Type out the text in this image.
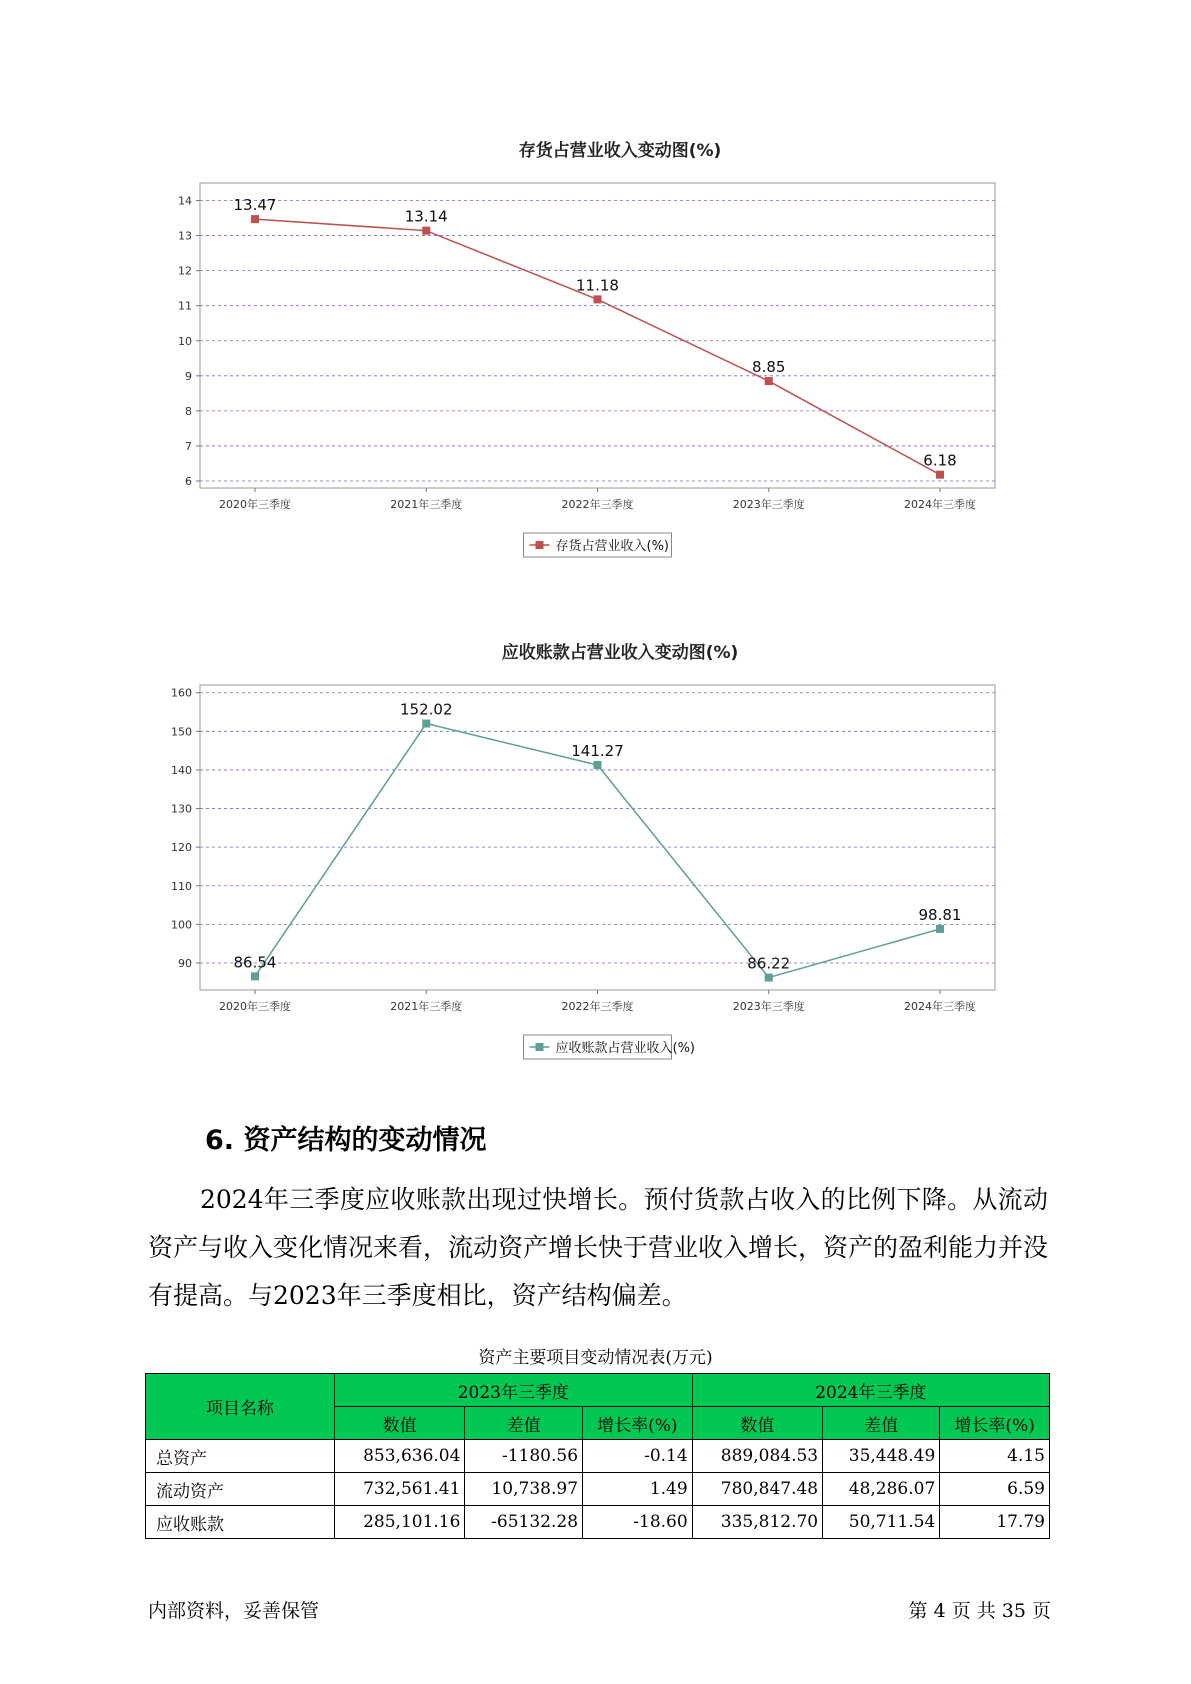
存货占营业收入变动图(%)
6
7
8
9
10
11
12
13
14
2020年三季度	2021年三季度	2022年三季度	2023年三季度	2024年三季度
13.47
13.14
11.18
8.85
6.18
存货占营业收入(%)
应收账款占营业收入变动图(%)
90
100
110
120
130
140
150
160
2020年三季度	2021年三季度	2022年三季度	2023年三季度	2024年三季度
86.54
152.02
141.27
86.22
98.81
应收账款占营业收入(%)
6. 资产结构的变动情况

2024年三季度应收账款出现过快增长。预付货款占收入的比例下降。从流动资产与收入变化情况来看，流动资产增长快于营业收入增长，资产的盈利能力并没有提高。与2023年三季度相比，资产结构偏差。

资产主要项目变动情况表(万元)
项目名称	2023年三季度			2024年三季度		
	数值	差值	增长率(%)	数值	差值	增长率(%)
总资产	853,636.04	-1180.56	-0.14	889,084.53	35,448.49	4.15
流动资产	732,561.41	10,738.97	1.49	780,847.48	48,286.07	6.59
应收账款	285,101.16	-65132.28	-18.60	335,812.70	50,711.54	17.79
内部资料，妥善保管	第 4 页 共 35 页
